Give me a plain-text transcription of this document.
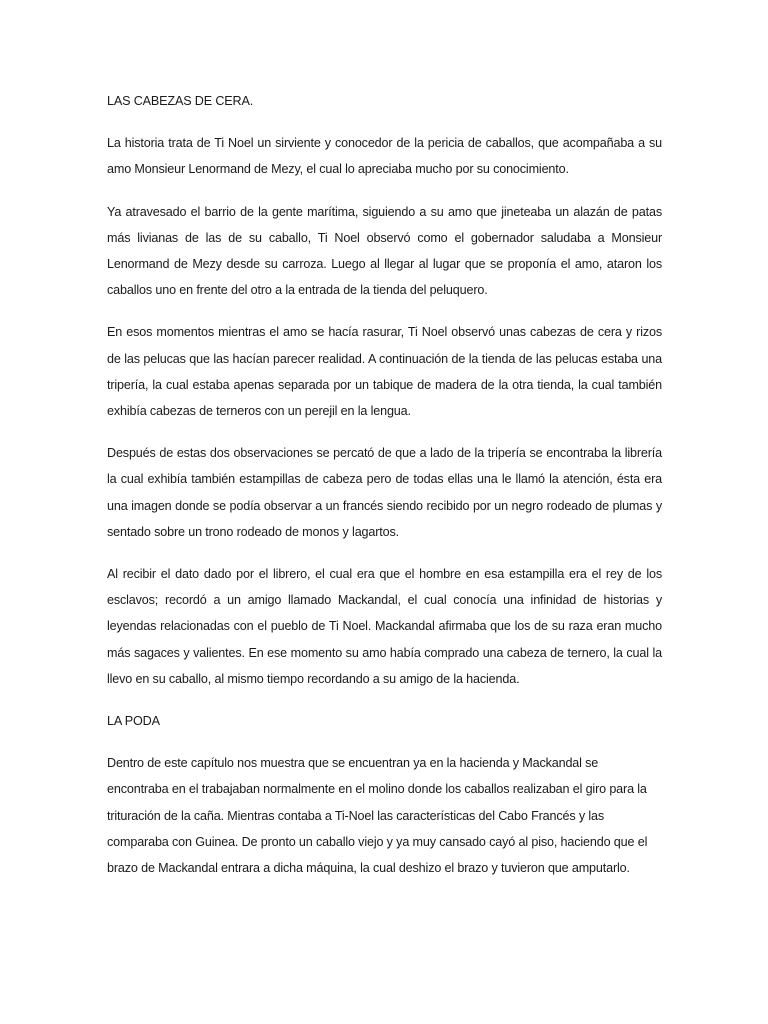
LAS CABEZAS DE CERA.

La historia trata de Ti Noel un sirviente y conocedor de la pericia de caballos, que acompañaba a su amo Monsieur Lenormand de Mezy, el cual lo apreciaba mucho por su conocimiento.

Ya atravesado el barrio de la gente marítima, siguiendo a su amo que jineteaba un alazán de patas más livianas de las de su caballo, Ti Noel observó como el gobernador saludaba a Monsieur Lenormand de Mezy desde su carroza. Luego al llegar al lugar que se proponía el amo, ataron los caballos uno en frente del otro a la entrada de la tienda del peluquero.

En esos momentos mientras el amo se hacía rasurar, Ti Noel observó unas cabezas de cera y rizos de las pelucas que las hacían parecer realidad. A continuación de la tienda de las pelucas estaba una tripería, la cual estaba apenas separada por un tabique de madera de la otra tienda, la cual también exhibía cabezas de terneros con un perejil en la lengua.

Después de estas dos observaciones se percató de que a lado de la tripería se encontraba la librería la cual exhibía también estampillas de cabeza pero de todas ellas una le llamó la atención, ésta era una imagen donde se podía observar a un francés siendo recibido por un negro rodeado de plumas y sentado sobre un trono rodeado de monos y lagartos.

Al recibir el dato dado por el librero, el cual era que el hombre en esa estampilla era el rey de los esclavos; recordó a un amigo llamado Mackandal, el cual conocía una infinidad de historias y leyendas relacionadas con el pueblo de Ti Noel. Mackandal afirmaba que los de su raza eran mucho más sagaces y valientes. En ese momento su amo había comprado una cabeza de ternero, la cual la llevo en su caballo, al mismo tiempo recordando a su amigo de la hacienda.

LA PODA

Dentro de este capítulo nos muestra que se encuentran ya en la hacienda y Mackandal se encontraba en el trabajaban normalmente en el molino donde los caballos realizaban el giro para la trituración de la caña. Mientras contaba a Ti-Noel las características del Cabo Francés y las comparaba con Guinea. De pronto un caballo viejo y ya muy cansado cayó al piso, haciendo que el brazo de Mackandal entrara a dicha máquina, la cual deshizo el brazo y tuvieron que amputarlo.
